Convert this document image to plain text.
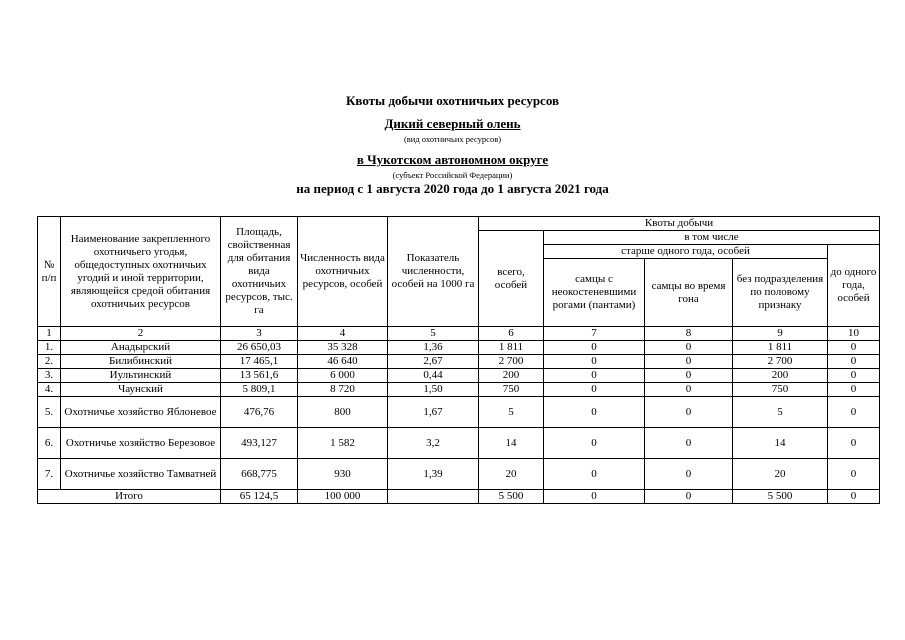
Квоты добычи охотничьих ресурсов
Дикий северный олень
(вид охотничьих ресурсов)
в Чукотском автономном округе
(субъект Российской Федерации)
на период с 1 августа 2020 года до 1 августа 2021 года
№ п/п	Наименование закрепленного охотничьего угодья, общедоступных охотничьих угодий и иной территории, являющейся средой обитания охотничьих ресурсов	Площадь, свойственная для обитания вида охотничьих ресурсов, тыс. га	Численность вида охотничьих ресурсов, особей	Показатель численности, особей на 1000 га	Квоты добычи				
					всего, особей	в том числе			
						старше одного года, особей			до одного года, особей
						самцы с неокостеневшими рогами (пантами)	самцы во время гона	без подразделения по половому признаку	
1	2	3	4	5	6	7	8	9	10
1.	Анадырский	26 650,03	35 328	1,36	1 811	0	0	1 811	0
2.	Билибинский	17 465,1	46 640	2,67	2 700	0	0	2 700	0
3.	Иультинский	13 561,6	6 000	0,44	200	0	0	200	0
4.	Чаунский	5 809,1	8 720	1,50	750	0	0	750	0
5.	Охотничье хозяйство Яблоневое	476,76	800	1,67	5	0	0	5	0
6.	Охотничье хозяйство Березовое	493,127	1 582	3,2	14	0	0	14	0
7.	Охотничье хозяйство Тамватней	668,775	930	1,39	20	0	0	20	0
Итого		65 124,5	100 000		5 500	0	0	5 500	0
